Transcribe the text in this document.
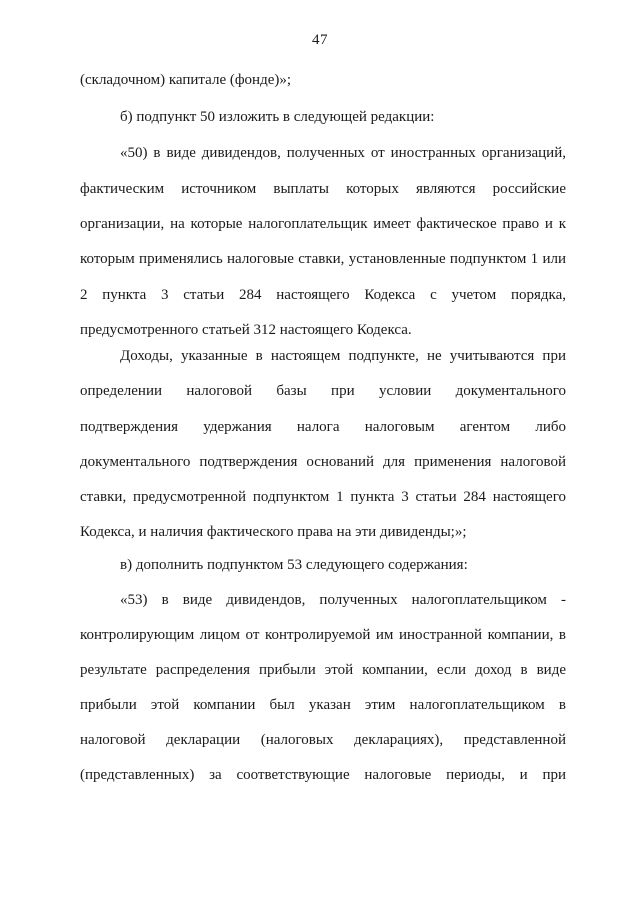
47
(складочном) капитале (фонде)»;
б) подпункт 50 изложить в следующей редакции:
«50) в виде дивидендов, полученных от иностранных организаций,
фактическим источником выплаты которых являются российские
организации, на которые налогоплательщик имеет фактическое право и к
которым применялись налоговые ставки, установленные подпунктом 1 или
2 пункта 3 статьи 284 настоящего Кодекса с учетом порядка,
предусмотренного статьей 312 настоящего Кодекса.
Доходы, указанные в настоящем подпункте, не учитываются при
определении налоговой базы при условии документального
подтверждения удержания налога налоговым агентом либо
документального подтверждения оснований для применения налоговой
ставки, предусмотренной подпунктом 1 пункта 3 статьи 284 настоящего
Кодекса, и наличия фактического права на эти дивиденды;»;
в) дополнить подпунктом 53 следующего содержания:
«53) в виде дивидендов, полученных налогоплательщиком -
контролирующим лицом от контролируемой им иностранной компании, в
результате распределения прибыли этой компании, если доход в виде
прибыли этой компании был указан этим налогоплательщиком в
налоговой декларации (налоговых декларациях), представленной
(представленных) за соответствующие налоговые периоды, и при
